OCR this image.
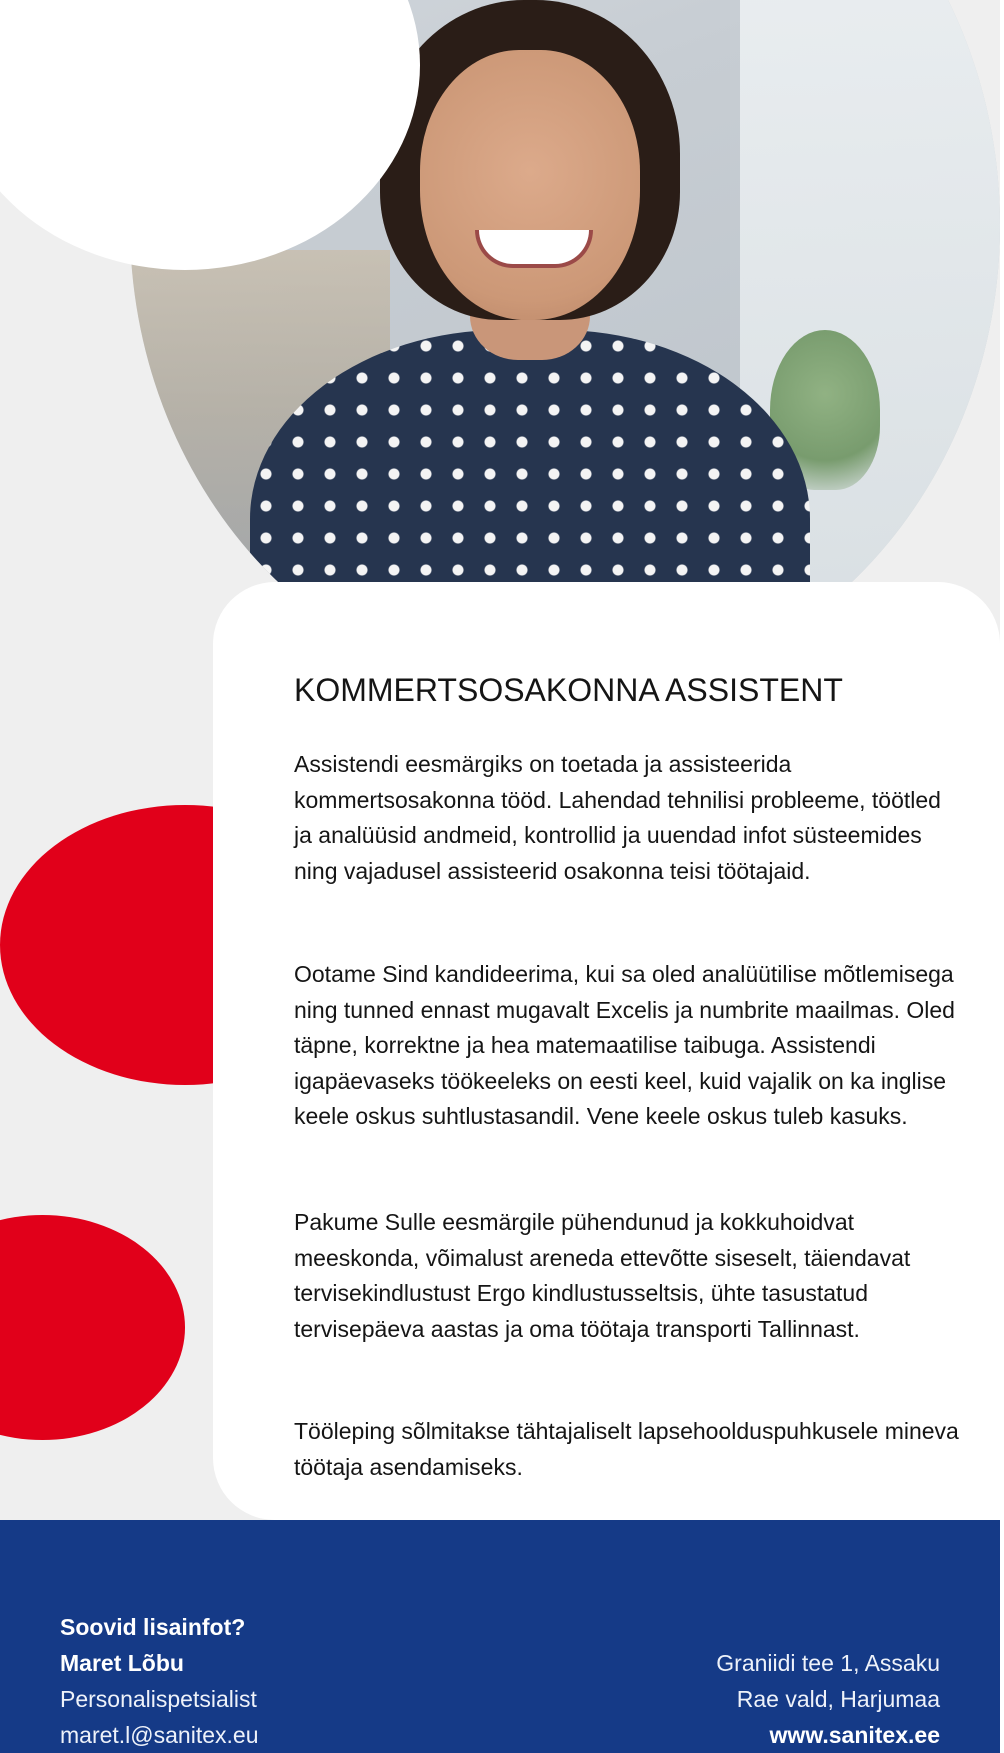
KOMMERTSOSAKONNA ASSISTENT

Assistendi eesmärgiks on toetada ja assisteerida kommertsosakonna tööd. Lahendad tehnilisi probleeme, töötled ja analüüsid andmeid, kontrollid ja uuendad infot süsteemides ning vajadusel assisteerid osakonna teisi töötajaid.

Ootame Sind kandideerima, kui sa oled analüütilise mõtlemisega ning tunned ennast mugavalt Excelis ja numbrite maailmas. Oled täpne, korrektne ja hea matemaatilise taibuga. Assistendi igapäevaseks töökeeleks on eesti keel, kuid vajalik on ka inglise keele oskus suhtlustasandil. Vene keele oskus tuleb kasuks.

Pakume Sulle eesmärgile pühendunud ja kokkuhoidvat meeskonda, võimalust areneda ettevõtte siseselt, täiendavat tervisekindlustust Ergo kindlustusseltsis, ühte tasustatud tervisepäeva aastas ja oma töötaja transporti Tallinnast.

Tööleping sõlmitakse tähtajaliselt lapsehoolduspuhkusele mineva töötaja asendamiseks.

Soovid lisainfot?
Maret Lõbu
Personalispetsialist
maret.l@sanitex.eu
Graniidi tee 1, Assaku
Rae vald, Harjumaa
www.sanitex.ee
